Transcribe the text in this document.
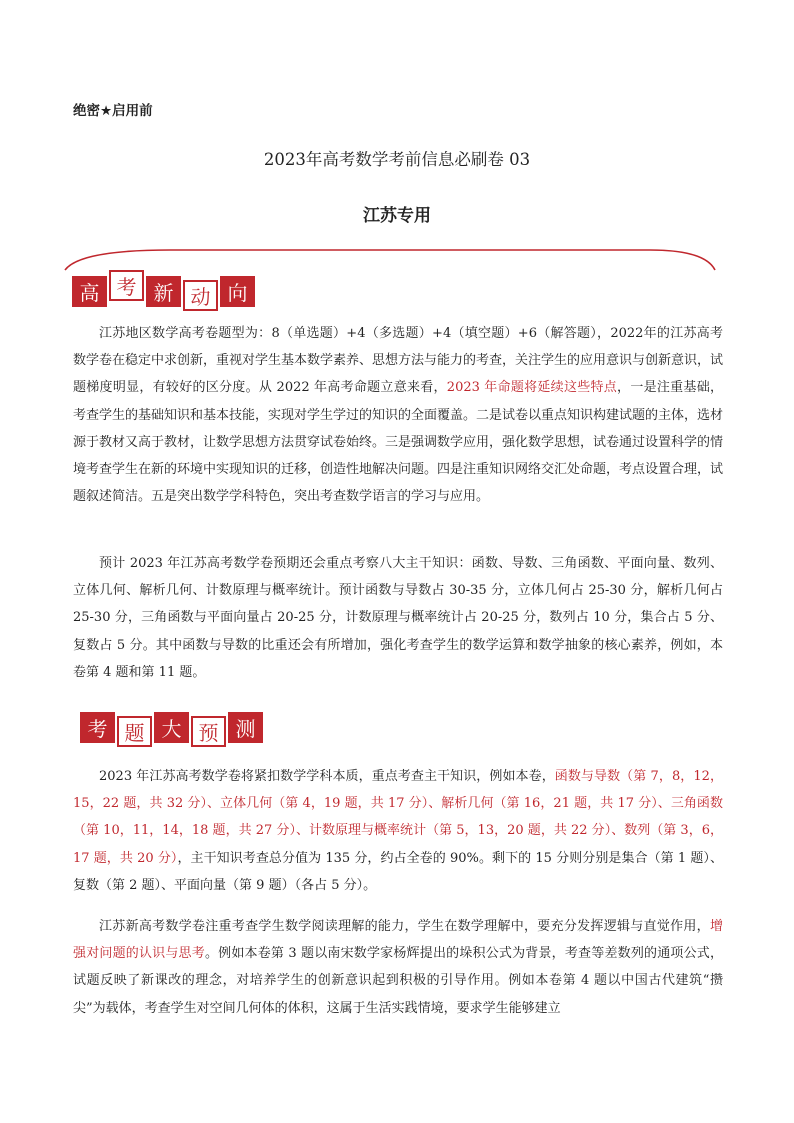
绝密★启用前
2023年高考数学考前信息必刷卷 03
江苏专用
高 考 新 动 向
江苏地区数学高考卷题型为：8（单选题）+4（多选题）+4（填空题）+6（解答题），2022年的江苏高考数学卷在稳定中求创新，重视对学生基本数学素养、思想方法与能力的考查，关注学生的应用意识与创新意识，试题梯度明显，有较好的区分度。从 2022 年高考命题立意来看，2023 年命题将延续这些特点，一是注重基础，考查学生的基础知识和基本技能，实现对学生学过的知识的全面覆盖。二是试卷以重点知识构建试题的主体，选材源于教材又高于教材，让数学思想方法贯穿试卷始终。三是强调数学应用，强化数学思想，试卷通过设置科学的情境考查学生在新的环境中实现知识的迁移，创造性地解决问题。四是注重知识网络交汇处命题，考点设置合理，试题叙述简洁。五是突出数学学科特色，突出考查数学语言的学习与应用。
预计 2023 年江苏高考数学卷预期还会重点考察八大主干知识：函数、导数、三角函数、平面向量、数列、立体几何、解析几何、计数原理与概率统计。预计函数与导数占 30-35 分，立体几何占 25-30 分，解析几何占 25-30 分，三角函数与平面向量占 20-25 分，计数原理与概率统计占 20-25 分，数列占 10 分，集合占 5 分、复数占 5 分。其中函数与导数的比重还会有所增加，强化考查学生的数学运算和数学抽象的核心素养，例如，本卷第 4 题和第 11 题。
考 题 大 预 测
2023 年江苏高考数学卷将紧扣数学学科本质，重点考查主干知识，例如本卷，函数与导数（第 7，8，12，15，22 题，共 32 分）、立体几何（第 4，19 题，共 17 分）、解析几何（第 16，21 题，共 17 分）、三角函数（第 10，11，14，18 题，共 27 分）、计数原理与概率统计（第 5，13，20 题，共 22 分）、数列（第 3，6，17 题，共 20 分），主干知识考查总分值为 135 分，约占全卷的 90%。剩下的 15 分则分别是集合（第 1 题）、复数（第 2 题）、平面向量（第 9 题）（各占 5 分）。
江苏新高考数学卷注重考查学生数学阅读理解的能力，学生在数学理解中，要充分发挥逻辑与直觉作用，增强对问题的认识与思考。例如本卷第 3 题以南宋数学家杨辉提出的垛积公式为背景，考查等差数列的通项公式，试题反映了新课改的理念，对培养学生的创新意识起到积极的引导作用。例如本卷第 4 题以中国古代建筑“攒尖”为载体，考查学生对空间几何体的体积，这属于生活实践情境，要求学生能够建立
